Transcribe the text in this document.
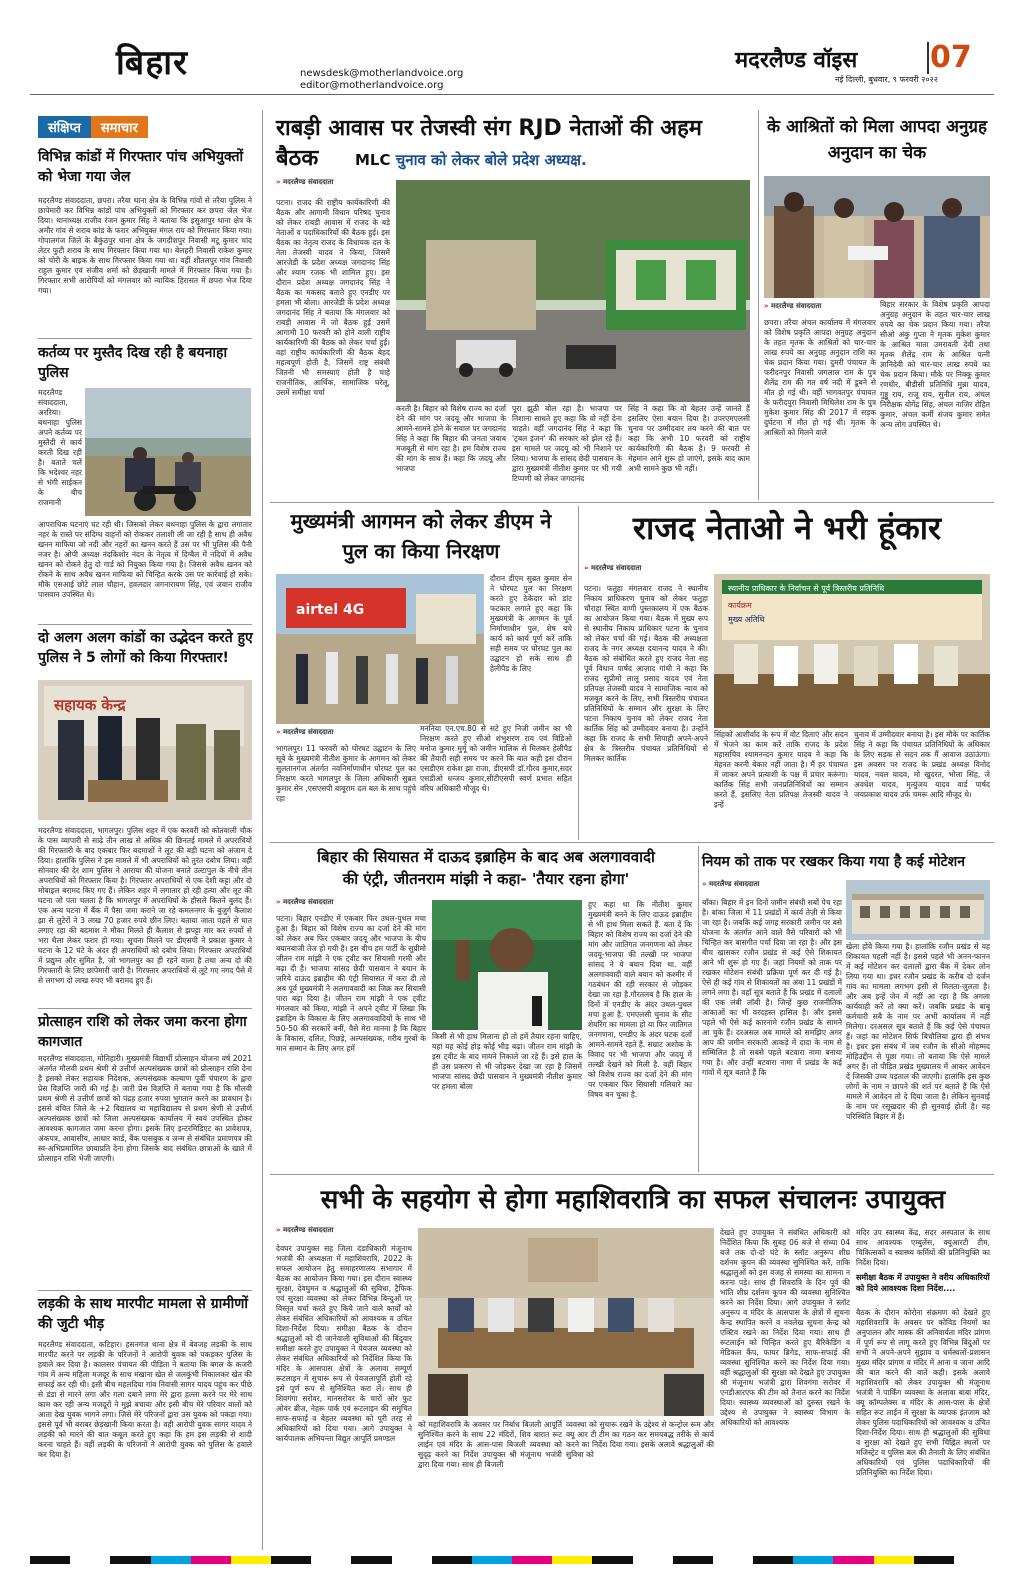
बिहार	newsdesk@motherlandvoice.org
editor@motherlandvoice.org
मदरलैण्ड वॉइस 07
नई दिल्ली, बुधवार, ९ फरवरी २०२२
संक्षिप्त	समाचार
विभिन्न कांडों में गिरफ्तार पांच अभियुक्तों को भेजा गया जेल
मदरलैण्ड संवाददाता, छपरा। तरैया थाना क्षेत्र के विभिन्न गांवों से तरैया पुलिस ने छापेमारी कर विभिन्न कांडों पांच अभियुक्तों को गिरफ्तार कर छपरा जेल भेज दिया। थानाध्यक्ष राजीव रंजन कुमार सिंह ने बताया कि इसुआपुर थाना क्षेत्र के अमौर गांव से शराब कांड के फरार अभियुक्त मंगल राय को गिरफ्तार किया गया। गोपालगंज जिले के बैकुंठपुर थाना क्षेत्र के जगदीशपुर निवासी मटू कुमार चांद लेटर फुटी शराब के साथ गिरफ्तार किया गया था। बेलहरी निवासी राकेश कुमार को चोरी के बाइक के साथ गिरफ्तार किया गया था। वहीं शीतलपुर गांव निवासी राहुल कुमार एवं संजीव शर्मा को छेड़खानी मामले में गिरफ्तार किया गया है। गिरफ्तार सभी आरोपियों को मंगलवार को न्यायिक हिरासत में छपरा भेज दिया गया।
कर्तव्य पर मुस्तैद दिख रही है बयनाहा पुलिस
मदरलैण्ड संवाददाता, अररिया। बथनाहा पुलिस अपने कर्तव्य पर मुस्तैदी से कार्य करती दिख रही है। बताते चलें कि भदेश्वर नहर से भंगी साईकन के बीच राजमानी
आपराधिक घटनाएं घट रही थी। जिसको लेकर बथनाहा पुलिस के द्वारा लगातार नहर के रास्ते पर संदिग्ध वाहनों को रोककर तलाशी ली जा रही है साथ ही अवैध खनन माफिया जो नदी और नहरों का खनन करते हैं उस पर भी पुलिस की पैनी नजर है। ओपी अध्यक्ष नंदकिशोर नंदन के नेतृत्व में दिग्बैल में नदियों में अवैध खनन को रोकने हेतु दो गार्ड को नियुक्त किया गया है। जिससे अवैध खनन को रोकने के साथ अवैध खनन माफिया को चिन्हित करके उस पर कार्रवाई हो सके। मौके एसआई छोटे लाल चौहान, हवलदार जगनारायण सिंह, एवं जवान राजीव पासवान उपस्थित थे।
दो अलग अलग कांडों का उद्भेदन करते हुए पुलिस ने 5 लोगों को किया गिरफ्तार!
सहायक केन्द्र
मदरलैण्ड संवाददाता, भागलपुर। पुलिस शहर में एक करवरी को कोतवाली चौक के पास व्यापारी से साढ़े तीन लाख से अधिक की छिनतई मामले में अपराधियों की गिरफ्तारी के बाद एकबार फिर बदमाशों ने लूट की बड़ी घटना को अंजाम दे दिया। हालांकि पुलिस ने इस मामले में भी अपराधियों को तुरंत दबोच लिया। वहीं सोनवार की देर शाम पुलिस ने आराया की योजना बनाते उल्टापुल के नीचे तीन अपराधियों को गिरफ्तार किया है। गिरफ्तार अपराधियों से एक देशी कट्टा और दो मोबाइल बरामद किए गए हैं। लेकिन शहर में लगातार हो रही हत्या और लूट की घटना जो पता चलता है कि भागलपुर में अपराधियों के हौसले कितने बुलंद हैं। एक अन्य घटना में बैंक में पैसा जमा कराने जा रहे कमलनगर के बुजुर्ग कैलाश झा से लुटेरों ने 3 लाख 70 हजार रुपये छीन लिए। बताया जाता पहले से घात लगाए रहा की बदमाश ने मौका मिलते ही कैलाश से झपट्टा मार कर रुपयों से भरा थैला लेकर फरार हो गया। सूचना मिलने पर डीएसपी ने प्रकाश कुमार ने घटना के 12 घंटे के अंदर ही अपराधियों को दबोच लिया। गिरफ्तार अपराधियों में प्रद्युम्न और सुमित है, जो भागलपुर का ही रहने वाला है तथा अन्य दो की गिरफ्तारी के लिए छापेमारी जारी है। गिरफ्तार अपराधियों से लूटे गए नगद पैसे में से लगभग दो लाख रुपए भी बरामद हुए हैं।
प्रोत्साहन राशि को लेकर जमा करना होगा कागजात
मदरलैण्ड संवाददाता, मोतिहारी। मुख्यमंत्री विद्यार्थी प्रोत्साहन योजना वर्ष 2021 अंतर्गत मौलवी प्रथम श्रेणी से उत्तीर्ण अल्पसंख्यक छात्रों को प्रोत्साहन राशि देना है इसको लेकर सहायक निदेशक, अल्पसंख्यक कल्याण पूर्वी चंपारण के द्वारा प्रेस विज्ञप्ति जारी की गई है। जारी प्रेस विज्ञप्ति में बताया गया है कि मौलवी प्रथम श्रेणी से उत्तीर्ण छात्रों को पंद्रह हजार रुपया भुगतान करने का प्रावधान है। इससे वंचित जिले के +2 विद्यालय या महाविद्यालय से प्रथम श्रेणी से उत्तीर्ण अल्पसंख्यक छात्रों को जिला अल्पसंख्यक कार्यालय में स्वयं उपस्थित होकर आवश्यक कागजात जमा करना होगा। इसके लिए इन्टरमिडिएट का प्रावेशपत्र, अंकपत्र, आवासीय, आधार कार्ड, बैंक पासबुक व जन्म से संबंधित प्रमाणपत्र की स्व-अभिप्रमाणित छायाप्रति देना होगा जिसके बाद संबंधित छात्राओं के खाते में प्रोत्साहन राशि भेजी जाएगी।
लड़की के साथ मारपीट मामला से ग्रामीणों की जुटी भीड़
मदरलैण्ड संवाददाता, कटिहार। हसनगंज थाना क्षेत्र में बेवजह लड़की के साथ मारपीट करने पर लड़की के परिजनों ने आरोपी युवक को पकड़कर पुलिस के हवाले कर दिया है। कालसर पंचायत की पीड़िता ने बताया कि बगल के कजरी गांव में अन्य महिला मजदूर के साथ मखाना खेत से जलकुंभी निकालकर खेत की सफाई कर रही थी। इसी बीच महलदिया गांव निवासी सागर यादव पहुंच कर पीछे से डंडा से मारने लगा और गला दबाने लगा मेरे द्वारा हल्ला करने पर मेरे साथ काम कर रही अन्य मजदूरों ने मुझे बचाया और इसी बीच मेरे परिवार वालों को आता देख युवक भागने लगा। जिसे मेरे परिजनों द्वारा उस युवक को पकड़ा गया। इससे पूर्व भी बराबर छेड़खानी किया करता है। वही आरोपी युवक सागर यादव ने लड़की को मारने की बात कबूल करते हुए कहा कि हम इस लड़की से शादी करना चाहते हैं। वहीं लड़की के परिजनों ने आरोपी युवक को पुलिस के हवाले कर दिया है।
राबड़ी आवास पर तेजस्वी संग RJD नेताओं की अहम बैठक	MLC चुनाव को लेकर बोले प्रदेश अध्यक्ष.
» मदरलैण्ड संवाददाता
पटना। राजद की राष्ट्रीय कार्यकारिणी की बैठक और आगामी विधान परिषद चुनाव को लेकर राबड़ी आवास में राजद के बड़े नेताओं व पदाधिकारियों की बैठक हुई। इस बैठक का नेतृत्व राजद के विधायक दल के नेता तेजस्वी यादव ने किया, जिसमें आरजेडी के प्रदेश अध्यक्ष जगदानंद सिंह और श्याम रजक भी शामिल हुए। इस दौरान प्रदेश अध्यक्ष जगदानंद सिंह ने बैठक का मकसद बताते हुए एनडीए पर हमला भी बोला। आरजेडी के प्रदेश अध्यक्ष जगदानंद सिंह ने बताया कि मंगलवार को राबड़ी आवास में जो बैठक हुई उसमें आगामी 10 फरवरी को होने वाली राष्ट्रीय कार्यकारिणी की बैठक को लेकर चर्चा हुई। वहां राष्ट्रीय कार्यकारिणी की बैठक बेहद महत्वपूर्ण होती है, जिसमें राष्ट्र संबंधी जितनी भी समस्याएं होती है चाहे राजनीतिक, आर्थिक, सामाजिक घरेलू, उसमें समीक्षा चर्चा
करती है। बिहार को विशेष राज्य का दर्जा देने की मांग पर जदयू और भाजपा के आमने-सामने होने के सवाल पर जगदानंद सिंह ने कहा कि बिहार की जनता जवाब मजबूती से मांग रहा है। हम विशेष राज्य की मांग के साथ हैं। कहा कि जदयू और भाजपा
पूरा झूठी बोल रहा है। भाजपा पर निशाना साधते हुए कहा कि वो नहीं देना चाहते। वहीं जगदानंद सिंह ने कहा कि 'ट्रबल इंजन' की सरकार को झेल रहे हैं। इस मामले पर जदयू को भी निशाने पर लिया। भाजपा के सांसद छेदी पासवान के द्वारा मुख्यमंत्री नीतीश कुमार पर भी गयी टिप्पणी को लेकर जगदानंद
सिंह ने कहा कि वो बेहतर उन्हें जानते हैं इसलिए ऐसा बयान दिया है। उपरएमएलसी चुनाव पर उम्मीदवार तय करने की बात पर कहा कि अभी 10 फरवरी को राष्ट्रीय कार्यकारिणी की बैठक है। 9 फरवरी से मेहमान आने शुरू हो जाएंगे, इसके बाद काम अभी सामने कुछ भी नहीं।
के आश्रितों को मिला आपदा अनुग्रह अनुदान का चेक
» मदरलैण्ड संवाददाता
छपरा। तरैया अंचल कार्यालय में मंगलवार को विशेष प्रकृति आपदा अनुग्रह अनुदान के तहत मृतक के आश्रितों को चार-चार लाख रुपये का अनुग्रह अनुदान राशि का चेक प्रदान किया गया। दुमरी पंचायत के फरीदनपुर निवासी जगलाल राम के पुत्र शैलेंद्र राम की गत वर्ष नदी में डूबने से मौत हो गई थी। वहीं भागवतपुर पंचायत के फरीदपुरा निवासी मिथिलेश राम के पुत्र मुकेश कुमार सिंह की 2017 में सड़क दुर्घटना में मौत हो गई थी। मृतक के आश्रितों को मिलने वाले
बिहार सरकार के विशेष प्रकृति आपदा अनुग्रह अनुदान के तहत चार-चार लाख रुपये का चेक प्रदान किया गया। तरैया सीओ अंकु गुप्ता ने मृतक मुकेश कुमार के आश्रित माता उमरावती देवी तथा मृतक शैलेंद्र राम के आश्रित पत्नी ज्ञानिदेवी को चार-चार लाख रुपये का चेक प्रदान किया। मौके पर निक्कू कुमार रणधीर, बीडीसी प्रतिनिधि मुन्ना यादव, गुड्डू राय, राजू राय, सुनील राय, अंचल निरीक्षक योगेंद्र सिंह, अंचल नाजिर रोहित कुमार, अंचल कर्मी संजय कुमार समेत अन्य लोग उपस्थित थे।
मुख्यमंत्री आगमन को लेकर डीएम ने पुल का किया निरक्षण
airtel 4G
दौरान डीएम सुब्रत कुमार सेन ने घोरघट पुल का निरक्षण करते हुए ठेकेदार को डांट फटकार लगाते हुए कहा कि मुख्यमंत्री के आगमन के पूर्व निर्माणाधीन पुल, शेष बचे कार्य को कार्य पूर्ण करें ताकि सही समय पर घोरघट पुल का उद्घाटन हो सके साथ ही हेलीपैड के लिए
» मदरलैण्ड संवाददाता
भागलपुर। 11 फरवरी को घोरघट उद्घाटन के लिए सूबे के मुख्यमंत्री नीतीश कुमार के आगमन को लेकर सुलतानगंज अंतर्गत नवनिर्माणाधीन घोरघट पुल का निरक्षण करते भागलपुर के जिला अधिकारी सुब्रत कुमार सेन ,एसएसपी बाबूराम दल बल के साथ पहुंचे रहा
मननिया एन.एच.80 से सटे हुए निजी जमीन का भी निरक्षण करते हुए सीओ शंभुशरण राय एवं विडिओ मनोज कुमार मुर्मू को जमीन मालिक से मिलकर हेलीपैड की तैयारी सही समय पर करने कि बात कही इस दौरान एसडीएम राकेश झा राजा, डीएसपी डॉ.गौरव कुमार,सदर एसडीओ धन्जय कुमार,सीटीएसपी स्वर्ण प्रभात सहित वरिय अधिकारी मौजूद थे।
राजद नेताओ ने भरी हूंकार
» मदरलैण्ड संवाददाता
पटना। फतुहा मंगलवार राजद ने स्थानीय निकाय प्राधिकरण चुनाव को लेकर फतुहा चौराहा स्थित वाणी पुस्तकालय में एक बैठक का आयोजन किया गया। बैठक में मुख्य रूप से स्थानीय निकाय प्राधिकार पटना के चुनाव को लेकर चर्चा की गई। बैठक की अध्यक्षता राजद के नगर अध्यक्ष दयानन्द यादव ने की। बैठक को संबोधित करते हुए राजद नेता सह पूर्व विधान पार्षद आज़ाद गांधी ने कहा कि राजद सुप्रीमो लालू प्रसाद यादव एवं नेता प्रतिपक्ष तेजस्वी यादव ने सामाजिक न्याय को मजबूत करने के लिए, सभी त्रिस्तरीय पंचायत प्रतिनिधियों के सम्मान और सुरक्षा के लिए पटना निकाय चुनाव को लेकर राजद नेता कार्तिक सिंह को उम्मीदवार बनाया है। उन्होंने कहा कि राजद के सभी सिपाही अपने-अपने क्षेत्र के त्रिस्तरीय पंचायत प्रतिनिधियों से मिलकर कार्तिक
स्थानीय प्राधिकार के निर्वाचन से पूर्व त्रिस्तरीय प्रतिनिधि
कार्यक्रम
मुख्य अतिथि
सिंहको आशीर्वाद के रूप में वोट दिलाएं और सदन में भेजने का काम करें ताकि राजद के प्रदेश महासचिव श्यामनन्दन कुमार यादव ने कहा कि मेहनत करनी बेकार नहीं जाता है। मैं हर पंचायत में जाकर अपने प्रत्याशी के पक्ष में प्रचार करूंगा। कार्तिक सिंह सभी जनप्रतिनिधियों का सम्मान करते हैं, इसलिए नेता प्रतिपक्ष तेजस्वी यादव ने इन्हें
चुनाव में उम्मीदवार बनाया है। इस मौके पर कार्तिक सिंह ने कहा कि पंचायत प्रतिनिधियों के अधिकार के लिए सड़क से सदन तक मैं आवाज उठाऊंगा। इस अवसर पर राजद के प्रखंड अध्यक्ष विनोद यादव, नवल यादव, मो खुदरत, भोला सिंह, जे अवधेश यादव, मृत्युंजय यादव वार्ड पार्षद जयप्रकाश यादव उर्फ चमरू आदि मौजूद थे।
बिहार की सियासत में दाऊद इब्राहिम के बाद अब अलगाववादी
की एंट्री, जीतनराम मांझी ने कहा- 'तैयार रहना होगा'
» मदरलैण्ड संवाददाता
पटना। बिहार एनडीए में एकबार फिर उथल-पुथल मचा हुआ है। बिहार को विशेष राज्य का दर्जा देने की मांग को लेकर अब फिर एकबार जदयू और भाजपा के बीच बयानबाजी तेज हो गयी है। इस बीच हम पार्टी के सुप्रीमो जीतन राम मांझी ने एक ट्वीट कर सियासी गरमी और बढ़ा दी है। भाजपा सांसद छेदी पासवान ने बयान के जरिये दाऊद इब्राहीम की एंट्री सियासत में करा दी तो अब पूर्व मुख्यमंत्री ने अलगाववादी का जिक्र कर सियासी पारा बढ़ा दिया है। जीतन राम मांझी ने एक ट्वीट मंगलवार को किया, मांझी ने अपने ट्वीट में लिखा कि इब्राहिम के विकास के लिए अलगाववादियों के साथ भी 50-50 की सरकारें बनीं, वैसे मेरा मानना है कि बिहार के विकास, दलित, पिछड़े, अल्पसंख्यक, गरीब गुरबों के मान सम्मान के लिए अगर हमें
किसी से भी हाथ मिलाना हो तो हमें तैयार रहना चाहिए, यहां यह कोई होड़ कोई भीड़ बढ़ा। जीतन राम मांझी के इस ट्वीट के बाद मायने निकाले जा रहे हैं। इसे हाल के ही उस प्रकरण से भी जोड़कर देखा जा रहा है जिसमें भाजपा सांसद छेदी पासवान ने मुख्यमंत्री नीतीश कुमार पर हमला बोला
हुए कहा था कि नीतीश कुमार मुख्यमंत्री बनने के लिए दाऊद इब्राहीम से भी हाथ मिला सकते हैं. बता दें कि बिहार को विशेष राज्य का दर्जा देने की मांग और जातिगत जनगणना को लेकर जदयू-भाजपा की तल्खी पर भाजपा सांसद ने ये बयान दिया था. वहीं अलगाववादी वाले बयान को कश्मीर में गठबंधन की रही सरकार से जोड़कर देखा जा रहा है.गौरतलब है कि हाल के दिनों में एनडीए के अंदर उथल-पुथल मचा हुआ है. एमएलसी चुनाव के सीट शेयरिंग का मामला हो या फिर जातिगत जनगणना, एनडीए के अंदर घटक दलों आमने-सामने रहते हैं. सम्राट अशोक के विवाद पर भी भाजपा और जदयू में तल्खी देखने को मिली है. वहीं बिहार को विशेष राज्य का दर्जा देने की मांग पर एकबार फिर सियासी गलियारे का विषय बन चुका है.
नियम को ताक पर रखकर किया गया है कई मोटेशन
» मदरलैण्ड संवाददाता
बाँका। बिहार में इन दिनों जमीन संबंधी सबों पेच रहा है। बांका जिला में 11 प्रखंडों में कार्य तेज़ी से किया जा रहा है। जबकि कई जगह सरकारी जमीन पर बसे योजना के अंतर्गत आने वाले वैसे परिवारों को भी चिन्हित कर बासगीत पर्चा दिया जा रहा है। और इस बीच खासकर रजौन प्रखंड से कई ऐसे शिकायत आने भी शुरू हो गए हैं। जहां नियमों को ताक पर रखकर मोटेशन संबंधी प्रक्रिया पूर्ण कर दी गई है। ऐसे ही कई गांव से शिकायतों का अंबा 11 प्रखंडों में लगने लगा है। वहाँ सूत्र बताते हैं कि प्रखंड में दलालों की एक लंबी लॉबी है। जिन्हें कुछ राजनीतिक आकाओं का भी वरदहस्त हासिल है। और इससे पहले भी ऐसे कई कारनामे रजौन प्रखंड के सामने आ चुके हैं। दरअसल अब मामले को समझिए अगर आप की जमीन सरकारी आकड़े में दादा के नाम से सम्मिलित है तो सबसे पहले बटवारा नामा बनाया गया है। और उन्हीं बटवारा नामा में प्रखंड के कई गांवों में सूत्र बताते हैं कि
खेला होवे किया गया है। हालांकि रजौन प्रखंड से यह शिकायत पहली नहीं है। इससे पहले भी अनन-फानन में कई मोटेशन कर दलालों द्वारा बैंक में देकर लोन लिया गया था। इधर रजौन प्रखंड के करीब दो दर्जन गांव का मामला लगभग इसी से मिलता-जुलता है। और अब इन्हें जेन में नहीं आ रहा है कि अगला कार्यवाही करें तो क्या करें। जबकि प्रखंड के बाबू कर्मचारी सबै के नाम पर अभी कार्यालय में नहीं मिलेगा। दरअसल सूत्र बताते हैं कि कई ऐसे पंचायत हैं। जहां का मोटेशन सिर्फ बिचौलिया द्वारा ही संभव है। इधर इस संबंध में जब रजौन के सीओ मोहम्मद मोहिउद्दीन से पूछा गया। तो बताया कि ऐसे मामले अगर हैं। तो पीड़ित प्रखंड मुख्यालय में आकर आवेदन दें जिसकी उच्च पड़ताल की जाएगी। हालांकि इस कुछ लोगों के नाम न छापने की शर्त पर बताते हैं कि ऐसे मामले में आवेदन तो दे दिया जाता है। लेकिन सुनवाई के नाम पर रसूखदार की ही सुनवाई होती है। यह परिस्थिति बिहार में है।
सभी के सहयोग से होगा महाशिवरात्रि का सफल संचालनः उपायुक्त
» मदरलैण्ड संवाददाता
देवघर उपायुक्त सह जिला दंडाधिकारी मंजूनाथ भजंत्री की अध्यक्षता में महाशिवरात्रि, 2022 के सफल आयोजन हेतु समाहरणालय सभागार में बैठक का आयोजन किया गया। इस दौरान स्वास्थ्य सुरक्षा, देवघुमन व श्रद्धालुओं की सुविधा, ट्रैफिक एवं सुरक्षा व्यवस्था को लेकर विभिन्न बिन्दुओं पर विस्तृत चर्चा करते हुए किये जाने वाले कार्यों को लेकर संबंधित अधिकारियों को आवश्यक व उचित दिशा-निर्देश दिया। समीक्षा बैठक के दौरान श्रद्धालुओं को दी जानेवाली सुविधाओं की बिंदुवार समीक्षा करते हुए उपायुक्त ने पेयजल व्यवस्था को लेकर संबंधित अधिकारियों को निर्देशित किया कि मंदिर के आसपास क्षेत्रों के अलावा सम्पूर्ण रूटलाइन में सुचारू रूप से पेयजलापूर्ति होती रहे इसे पूर्ण रूप से सुनिश्चित करा लें। साथ ही शिवगंगा सरोवर, मानसरोवर के चारों ओर फुट ओवर ब्रीज, नेहरू पार्क एवं रूटलाइन की समुचित साफ-सफाई व बेहतर व्यवस्था को पूरी तरह से अधिकारियों को दिया गया। आगे उपायुक्त ने कार्यपालक अभियन्ता विद्युत आपूर्ति प्रमण्डल
को महाशिवरात्रि के अवसर पर निर्बाध बिजली आपूर्ति सुनिश्चित करने के साथ 22 मंदिरों, शिव बारात रूट लाईन एवं मंदिर के आस-पास बिजली व्यवस्था को सुदृढ़ करने का निर्देश उपायुक्त श्री मंजूनाथ भजंत्री द्वारा दिया गया। साथ ही बिजली
व्यवस्था को सुचारू रखने के उद्देश्य से कन्ट्रोल रूम और क्यू आर टी टीम का गठन कर समयबद्ध तरीके से कार्य करने का निर्देश दिया गया। इसके अलावे श्रद्धालुओं की सुविधा को
देखते हुए उपायुक्त ने संबंधित अधिकारी को निर्देशित किया कि सुबह 06 बजे से संध्या 04 बजे तक दो-दो घंटे के स्लॉट अनुरूप शीघ्र दर्शनम कूपन की व्यवस्था सुनिश्चित करें, ताकि श्रद्धालुओं को इस वजह से समस्या का सामना न करना पड़े। साथ ही शिवरात्रि के दिन पूर्व की भांति शीघ्र दर्शनम कूपन की व्यवस्था सुनिश्चित करने का निर्देश दिया। आगे उपायुक्त ने स्लॉट अनुरूप व मंदिर के आसपास के क्षेत्रों में सूचना केन्द्र स्थापित करने व नवलेख सूचना केन्द्र को एक्टिव रखने का निर्देश दिया गया। साथ ही रूटलाईन को चिन्हित करते हुए बैरिकेडिंग व मेडिकल कैंप, फायर ब्रिगेड, साफ-सफाई की व्यवस्था सुनिश्चित करने का निर्देश दिया गया। वहीं श्रद्धालुओं की सुरक्षा को देखते हुए उपायुक्त श्री मंजूनाथ भजंत्री द्वारा शिवगंगा सरोवर में एनडीआरएफ की टीम को तैनात करने का निर्देश दिया। स्वास्थ्य व्यवस्थाओं को दुरुस्त रखने के उद्देश्य से उपायुक्त ने स्वास्थ्य विभाग के अधिकारियों को आवश्यक
मंदिर उप स्वास्थ्य केंद्र, सदर अस्पताल के साथ साथ आवश्यक एम्बुलेंस, क्यूआरटी टीम, चिकित्सकों व स्वास्थ्य कर्मियों की प्रतिनियुक्ति का निर्देश दिया।
समीक्षा बैठक में उपायुक्त ने वरीय अधिकारियों को दिये आवश्यक दिशा निर्देश....
बैठक के दौरान कोरोना संक्रमण को देखते हुए महाशिवरात्रि के अवसर पर कोविड नियमों का अनुपालन और मास्क की अनिवार्यता मंदिर प्रांगण में पूर्ण रूप से लागू करते हुए विभिन्न बिंदुओं पर सभी ने अपने-अपने सुझाव व धर्मस्थलों-प्रशासन मुख्य मंदिर प्रांगण व मंदिर में आना व जाना आदि की बात करने की बातें कही। इसके अलावे महाशिवरात्रि को लेकर उपायुक्त श्री मंजूनाथ भजंत्री ने पार्किंग व्यवस्था के अलावा बाबा मंदिर, क्यू कॉम्पलेक्स व मंदिर के आस-पास के क्षेत्रों सहित रूट लाईन में सुरक्षा के व्यापक इंतजाम को लेकर पुलिस पदाधिकारियों को आवश्यक व उचित दिशा-निर्देश दिया। साथ ही श्रद्धालुओं की सुविधा व सुरक्षा को देखते हुए सभी चिह्नित स्थलों पर मजिस्ट्रेट व पुलिस बल की तैनाती के लिए संबंधित अधिकारियों एवं पुलिस पदाधिकारियों की प्रतिनियुक्ति का निर्देश दिया।
